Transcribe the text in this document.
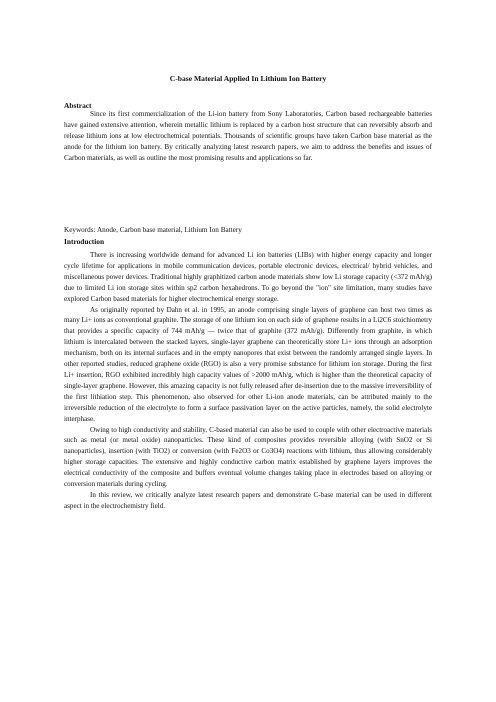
C-base Material Applied In Lithium Ion Battery
Abstract

Since its first commercialization of the Li-ion battery from Sony Laboratories, Carbon based rechargeable batteries have gained extensive attention, wherein metallic lithium is replaced by a carbon host structure that can reversibly absorb and release lithium ions at low electrochemical potentials. Thousands of scientific groups have taken Carbon base material as the anode for the lithium ion battery. By critically analyzing latest research papers, we aim to address the benefits and issues of Carbon materials, as well as outline the most promising results and applications so far.

Keywords: Anode, Carbon base material, Lithium Ion Battery
Introduction

There is increasing worldwide demand for advanced Li ion batteries (LIBs) with higher energy capacity and longer cycle lifetime for applications in mobile communication devices, portable electronic devices, electrical/ hybrid vehicles, and miscellaneous power devices. Traditional highly graphitized carbon anode materials show low Li storage capacity (<372 mAh/g) due to limited Li ion storage sites within sp2 carbon hexahedrons. To go beyond the "ion" site limitation, many studies have explored Carbon based materials for higher electrochemical energy storage.

As originally reported by Dahn et al. in 1995, an anode comprising single layers of graphene can host two times as many Li+ ions as conventional graphite. The storage of one lithium ion on each side of graphene results in a Li2C6 stoichiometry that provides a specific capacity of 744 mAh/g — twice that of graphite (372 mAh/g). Differently from graphite, in which lithium is intercalated between the stacked layers, single-layer graphene can theoretically store Li+ ions through an adsorption mechanism, both on its internal surfaces and in the empty nanopores that exist between the randomly arranged single layers. In other reported studies, reduced graphene oxide (RGO) is also a very promise substance for lithium ion storage. During the first Li+ insertion, RGO exhibited incredibly high capacity values of >2000 mAh/g, which is higher than the theoretical capacity of single-layer graphene. However, this amazing capacity is not fully released after de-insertion due to the massive irreversibility of the first lithiation step. This phenomenon, also observed for other Li-ion anode materials, can be attributed mainly to the irreversible reduction of the electrolyte to form a surface passivation layer on the active particles, namely, the solid electrolyte interphase.

Owing to high conductivity and stability, C-based material can also be used to couple with other electroactive materials such as metal (or metal oxide) nanoparticles. These kind of composites provides reversible alloying (with SnO2 or Si nanoparticles), insertion (with TiO2) or conversion (with Fe2O3 or Co3O4) reactions with lithium, thus allowing considerably higher storage capacities. The extensive and highly conductive carbon matrix established by graphene layers improves the electrical conductivity of the composite and buffers eventual volume changes taking place in electrodes based on alloying or conversion materials during cycling.

In this review, we critically analyze latest research papers and demonstrate C-base material can be used in different aspect in the electrochemistry field.
